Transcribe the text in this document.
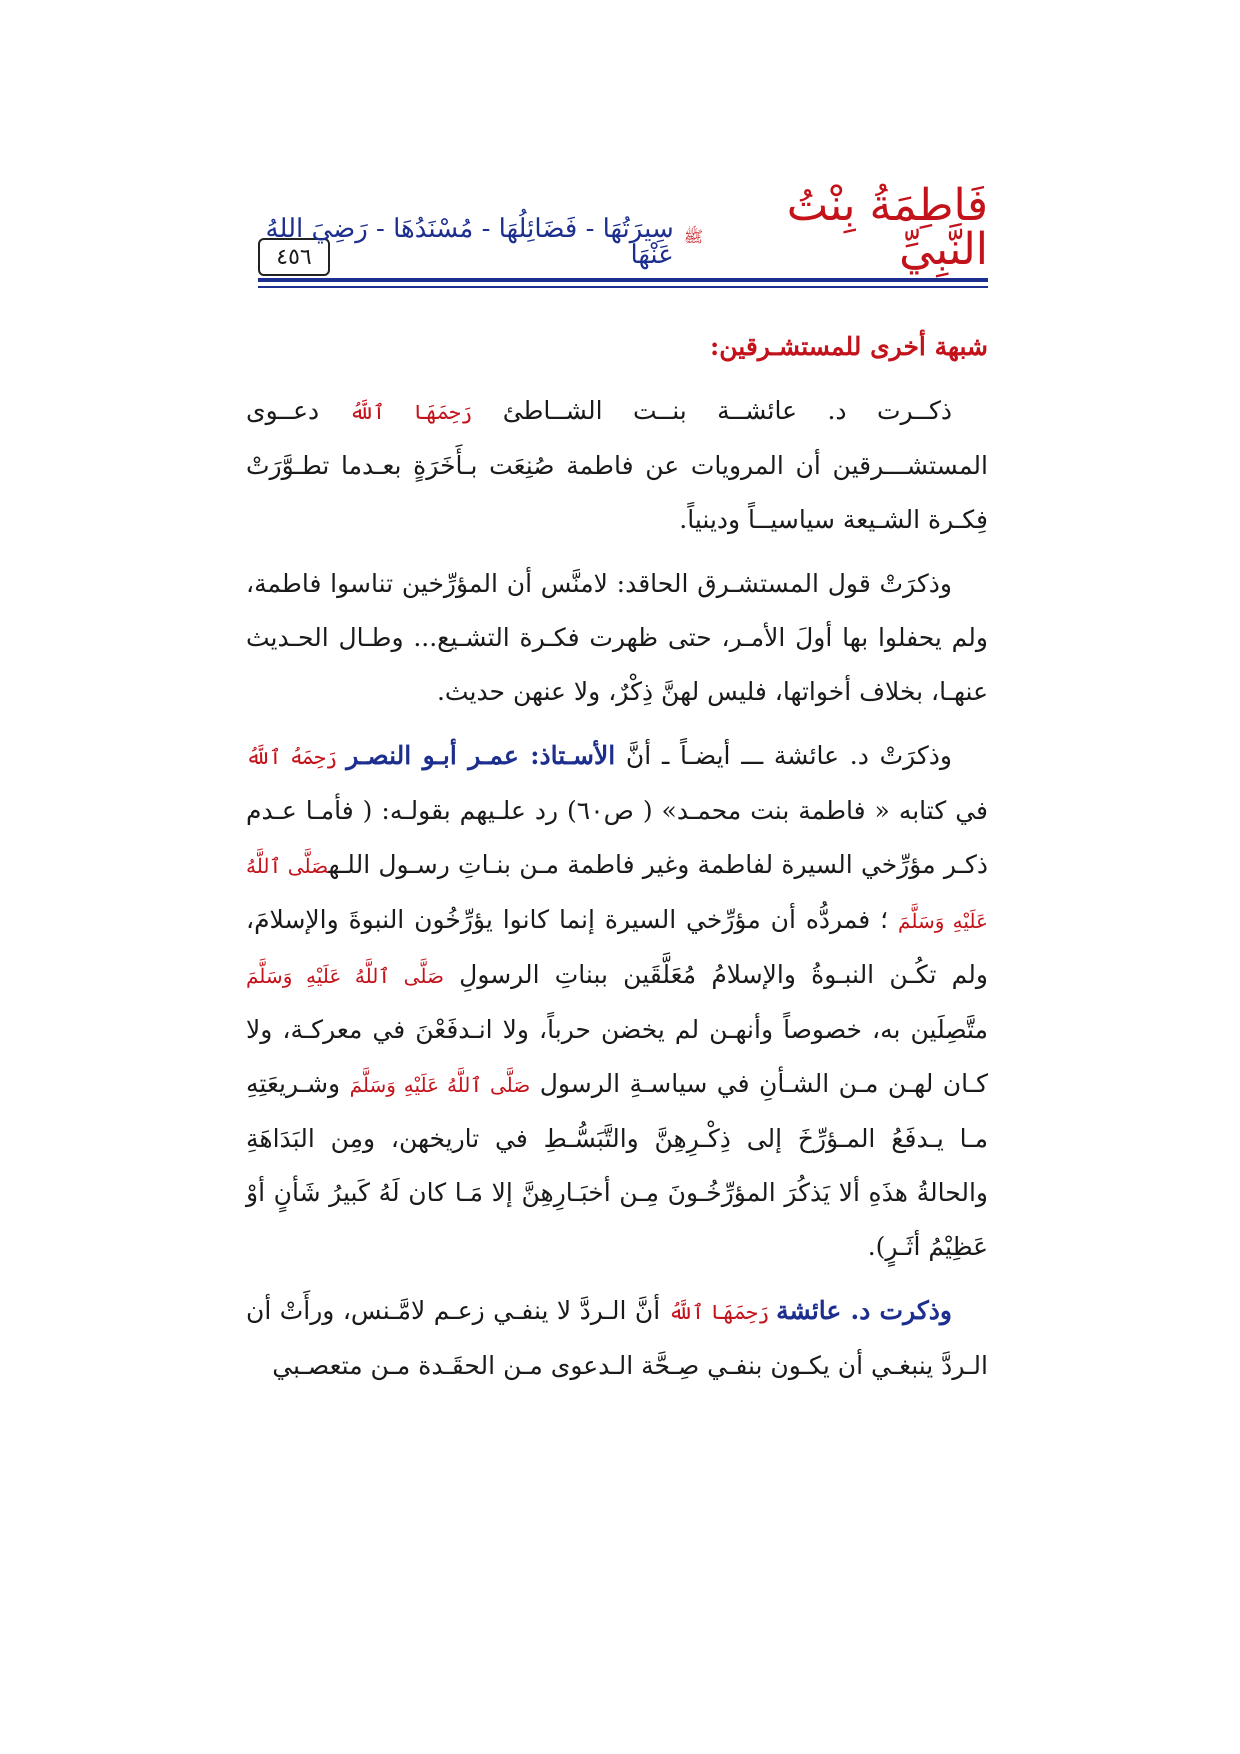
٤٥٦
فَاطِمَةُ بِنْتُ النَّبِيِّ
ﷺ
سِيرَتُهَا - فَضَائِلُهَا - مُسْنَدُهَا - رَضِيَ اللهُ عَنْهَا
شبهة أخرى للمستشـرقين:

ذكــرت د. عائشــة بنــت الشــاطئ رَحِمَهَا ٱللَّهُ دعــوى المستشـــرقين أن المرويات عن فاطمة صُنِعَت بـأَخَرَةٍ بعـدما تطـوَّرَتْ فِكـرة الشـيعة سياسيــاً ودينياً.

وذكرَتْ قول المستشـرق الحاقد: لامنَّس أن المؤرِّخين تناسوا فاطمة، ولم يحفلوا بها أولَ الأمـر، حتى ظهرت فكـرة التشـيع... وطـال الحـديث عنهـا، بخلاف أخواتها، فليس لهنَّ ذِكْرٌ، ولا عنهن حديث.

وذكرَتْ د. عائشة ـــ أيضـاً ـ أنَّ الأسـتاذ: عمـر أبـو النصـر رَحِمَهُ ٱللَّهُ في كتابه « فاطمة بنت محمـد» ( ص٦٠) رد علـيهم بقولـه: ( فأمـا عـدم ذكـر مؤرِّخي السيرة لفاطمة وغير فاطمة مـن بنـاتِ رسـول اللـهصَلَّى ٱللَّهُ عَلَيْهِ وَسَلَّمَ ؛ فمردُّه أن مؤرِّخي السيرة إنما كانوا يؤرِّخُون النبوةَ والإسلامَ، ولم تكُـن النبـوةُ والإسلامُ مُعَلَّقَين ببناتِ الرسولِ صَلَّى ٱللَّهُ عَلَيْهِ وَسَلَّمَ متَّصِلَين به، خصوصاً وأنهـن لم يخضن حرباً، ولا انـدفَعْنَ في معركـة، ولا كـان لهـن مـن الشـأنِ في سياسـةِ الرسول صَلَّى ٱللَّهُ عَلَيْهِ وَسَلَّمَ وشـريعَتِهِ مـا يـدفَعُ المـؤرِّخَ إلى ذِكْـرِهِنَّ والتَّبَسُّـطِ في تاريخهن، ومِن البَدَاهَةِ والحالةُ هذَهِ ألا يَذكُرَ المؤرِّخُـونَ مِـن أخبَـارِهِنَّ إلا مَـا كان لَهُ كَبيرُ شَأنٍ أوْ عَظِيْمُ أثَـرٍ).

وذكرت د. عائشة رَحِمَهَا ٱللَّهُ أنَّ الـردَّ لا ينفـي زعـم لامَّـنس، ورأَتْ أن الـردَّ ينبغـي أن يكـون بنفـي صِـحَّة الـدعوى مـن الحقَـدة مـن متعصـبي
